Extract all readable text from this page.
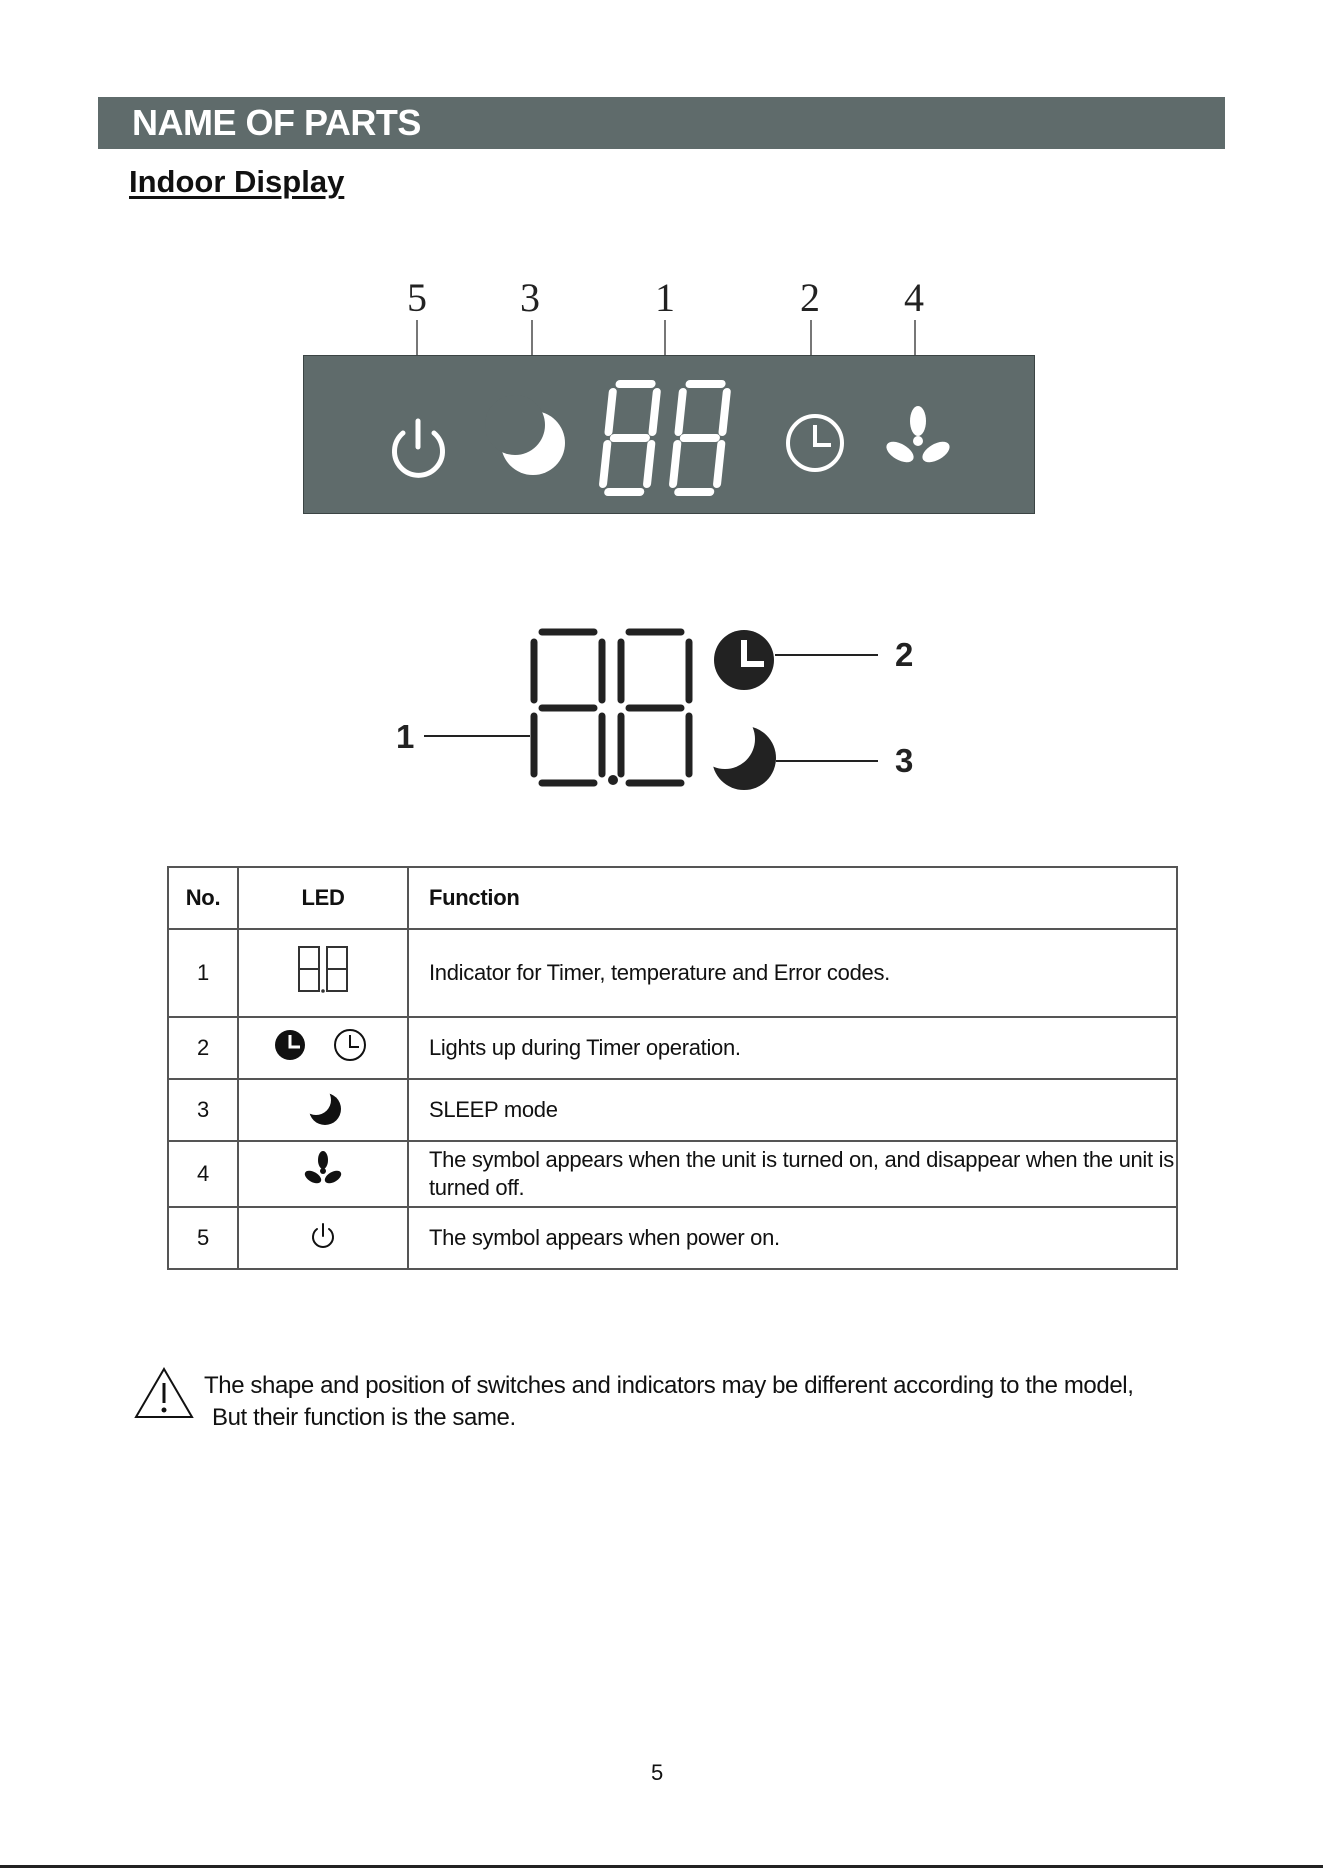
NAME OF PARTS
Indoor Display
5 3	1	2 4
1
2
3
No.	LED	Function
1		Indicator for Timer, temperature and Error codes.
2		Lights up during Timer operation.
3		SLEEP mode
4		The symbol appears when the unit is turned on, and disappear when the unit is turned off.
5		The symbol appears when power on.
The shape and position of switches and indicators may be different according to the model,
But their function is the same.
5
